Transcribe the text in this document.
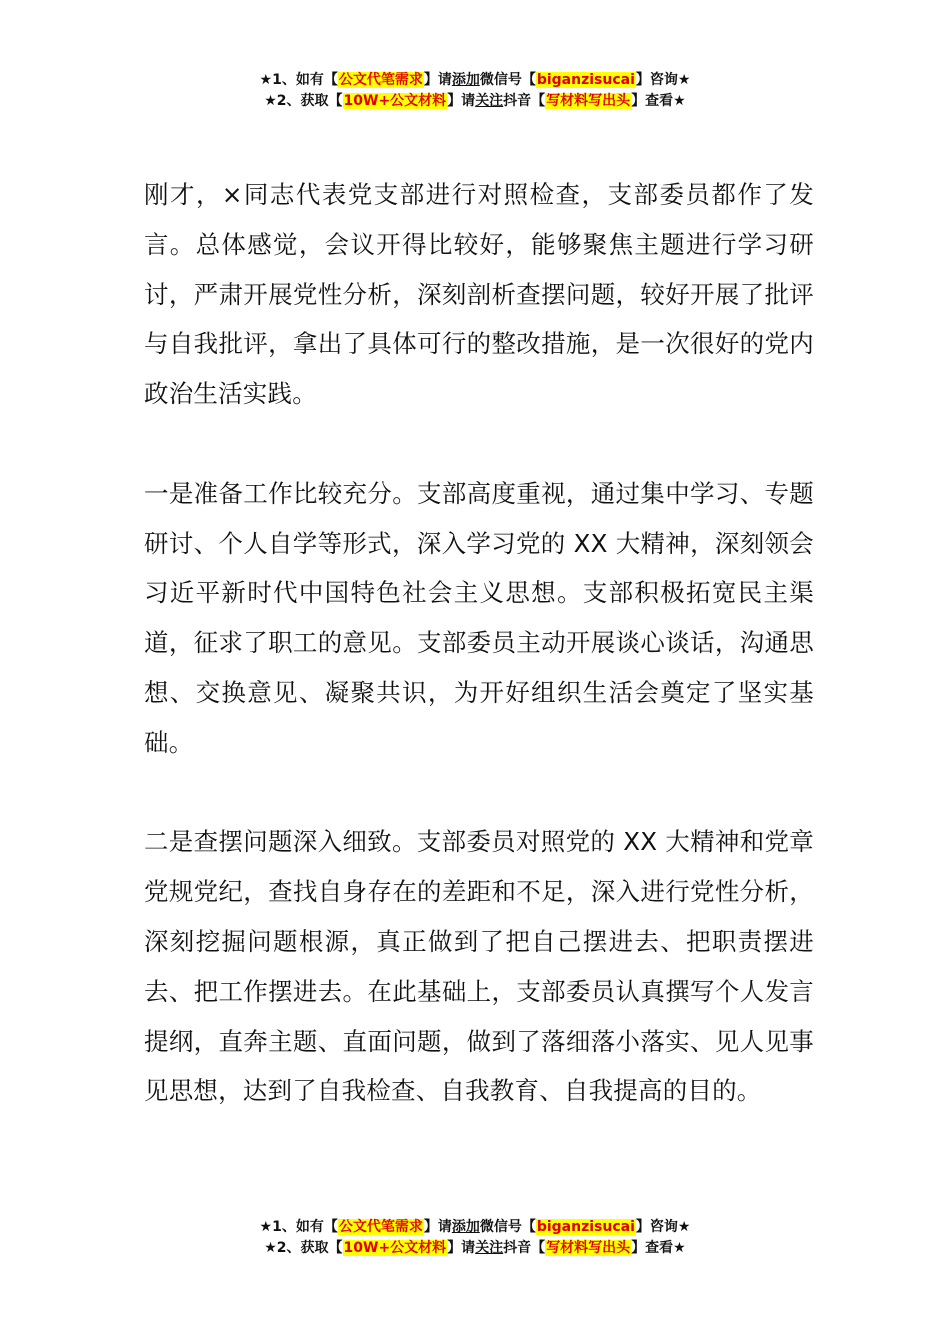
★1、如有【公文代笔需求】请添加微信号【biganzisucai】咨询★
★2、获取【10W+公文材料】请关注抖音【写材料写出头】查看★

刚才，×同志代表党支部进行对照检查，支部委员都作了发言。总体感觉，会议开得比较好，能够聚焦主题进行学习研讨，严肃开展党性分析，深刻剖析查摆问题，较好开展了批评与自我批评，拿出了具体可行的整改措施，是一次很好的党内政治生活实践。

一是准备工作比较充分。支部高度重视，通过集中学习、专题研讨、个人自学等形式，深入学习党的 XX 大精神，深刻领会习近平新时代中国特色社会主义思想。支部积极拓宽民主渠道，征求了职工的意见。支部委员主动开展谈心谈话，沟通思想、交换意见、凝聚共识，为开好组织生活会奠定了坚实基础。

二是查摆问题深入细致。支部委员对照党的 XX 大精神和党章党规党纪，查找自身存在的差距和不足，深入进行党性分析，深刻挖掘问题根源，真正做到了把自己摆进去、把职责摆进去、把工作摆进去。在此基础上，支部委员认真撰写个人发言提纲，直奔主题、直面问题，做到了落细落小落实、见人见事见思想，达到了自我检查、自我教育、自我提高的目的。

★1、如有【公文代笔需求】请添加微信号【biganzisucai】咨询★
★2、获取【10W+公文材料】请关注抖音【写材料写出头】查看★
